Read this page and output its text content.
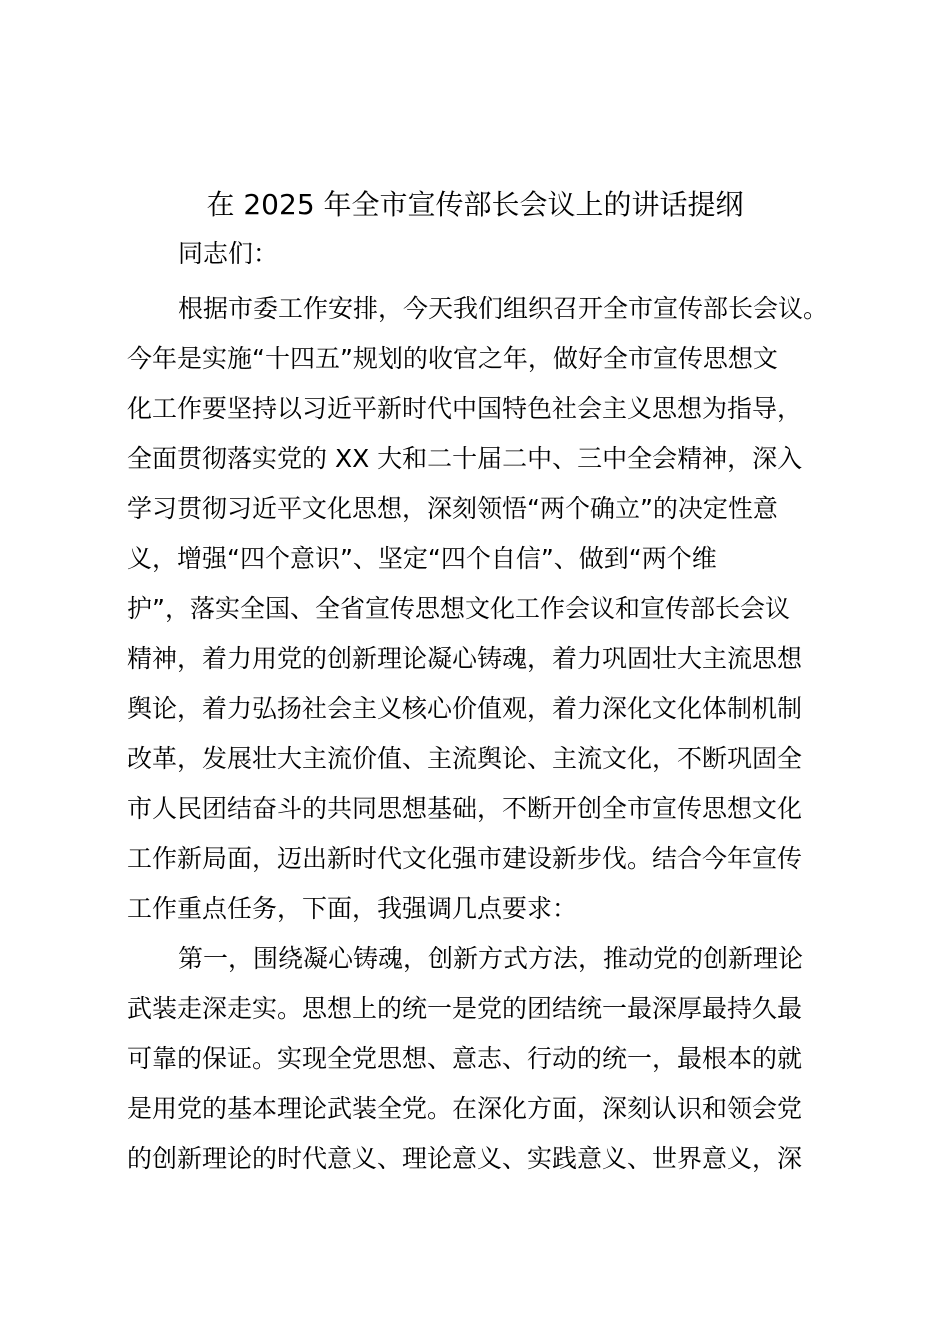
在 2025 年全市宣传部长会议上的讲话提纲
同志们：
根据市委工作安排，今天我们组织召开全市宣传部长会议。
今年是实施“十四五”规划的收官之年，做好全市宣传思想文
化工作要坚持以习近平新时代中国特色社会主义思想为指导，
全面贯彻落实党的 XX 大和二十届二中、三中全会精神，深入
学习贯彻习近平文化思想，深刻领悟“两个确立”的决定性意
义，增强“四个意识”、坚定“四个自信”、做到“两个维
护”，落实全国、全省宣传思想文化工作会议和宣传部长会议
精神，着力用党的创新理论凝心铸魂，着力巩固壮大主流思想
舆论，着力弘扬社会主义核心价值观，着力深化文化体制机制
改革，发展壮大主流价值、主流舆论、主流文化，不断巩固全
市人民团结奋斗的共同思想基础，不断开创全市宣传思想文化
工作新局面，迈出新时代文化强市建设新步伐。结合今年宣传
工作重点任务，下面，我强调几点要求：
第一，围绕凝心铸魂，创新方式方法，推动党的创新理论
武装走深走实。思想上的统一是党的团结统一最深厚最持久最
可靠的保证。实现全党思想、意志、行动的统一，最根本的就
是用党的基本理论武装全党。在深化方面，深刻认识和领会党
的创新理论的时代意义、理论意义、实践意义、世界意义，深
